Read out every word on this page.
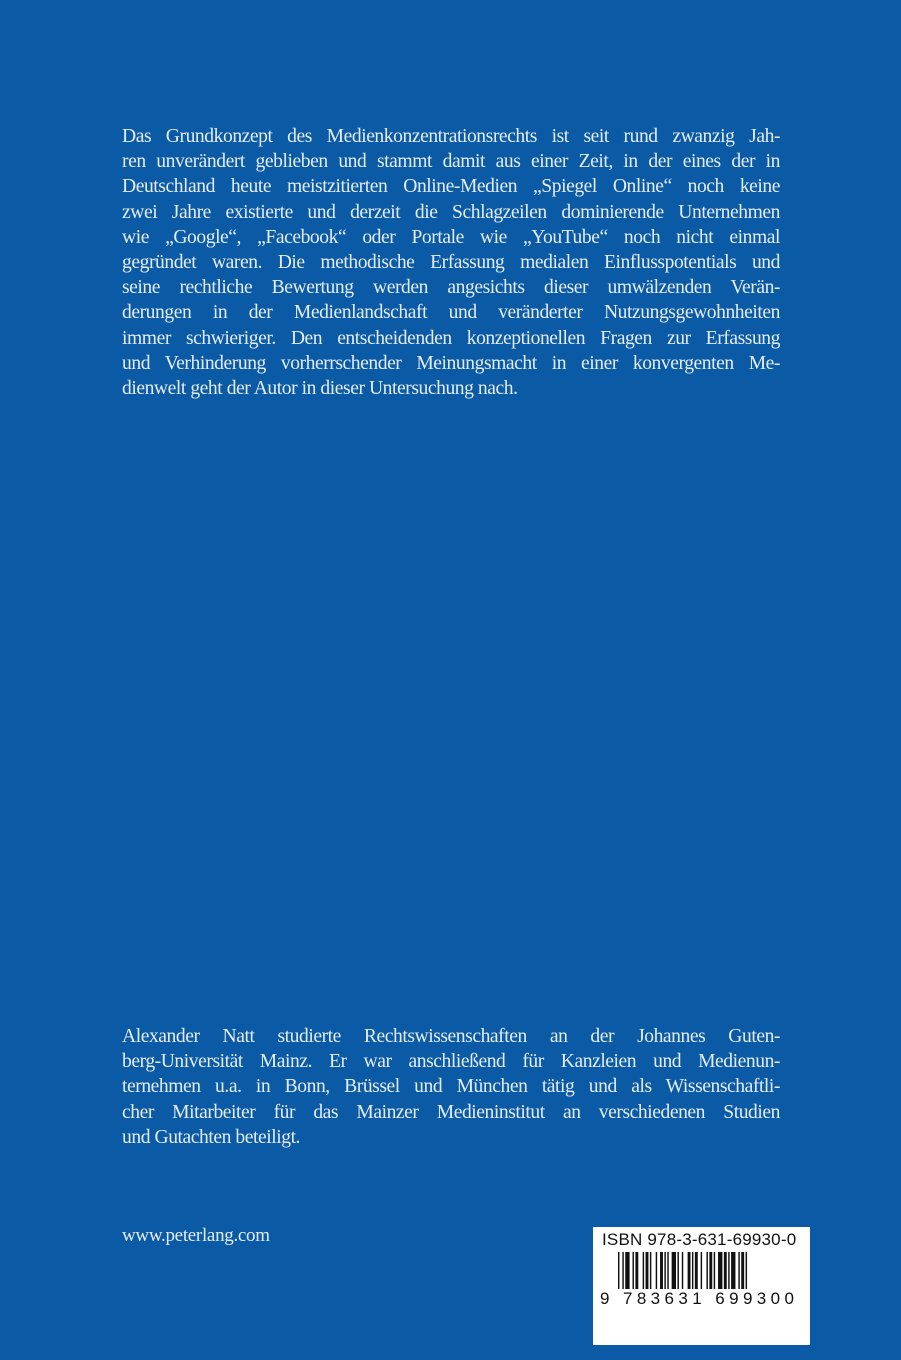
Das Grundkonzept des Medienkonzentrationsrechts ist seit rund zwanzig Jah-
ren unverändert geblieben und stammt damit aus einer Zeit, in der eines der in
Deutschland heute meistzitierten Online-Medien „Spiegel Online“ noch keine
zwei Jahre existierte und derzeit die Schlagzeilen dominierende Unternehmen
wie „Google“, „Facebook“ oder Portale wie „YouTube“ noch nicht einmal
gegründet waren. Die methodische Erfassung medialen Einflusspotentials und
seine rechtliche Bewertung werden angesichts dieser umwälzenden Verän-
derungen in der Medienlandschaft und veränderter Nutzungsgewohnheiten
immer schwieriger. Den entscheidenden konzeptionellen Fragen zur Erfassung
und Verhinderung vorherrschender Meinungsmacht in einer konvergenten Me-
dienwelt geht der Autor in dieser Untersuchung nach.
Alexander Natt studierte Rechtswissenschaften an der Johannes Guten-
berg-Universität Mainz. Er war anschließend für Kanzleien und Medienun-
ternehmen u.a. in Bonn, Brüssel und München tätig und als Wissenschaftli-
cher Mitarbeiter für das Mainzer Medieninstitut an verschiedenen Studien
und Gutachten beteiligt.
www.peterlang.com	ISBN 978-3-631-69930-0
9 783631 699300
